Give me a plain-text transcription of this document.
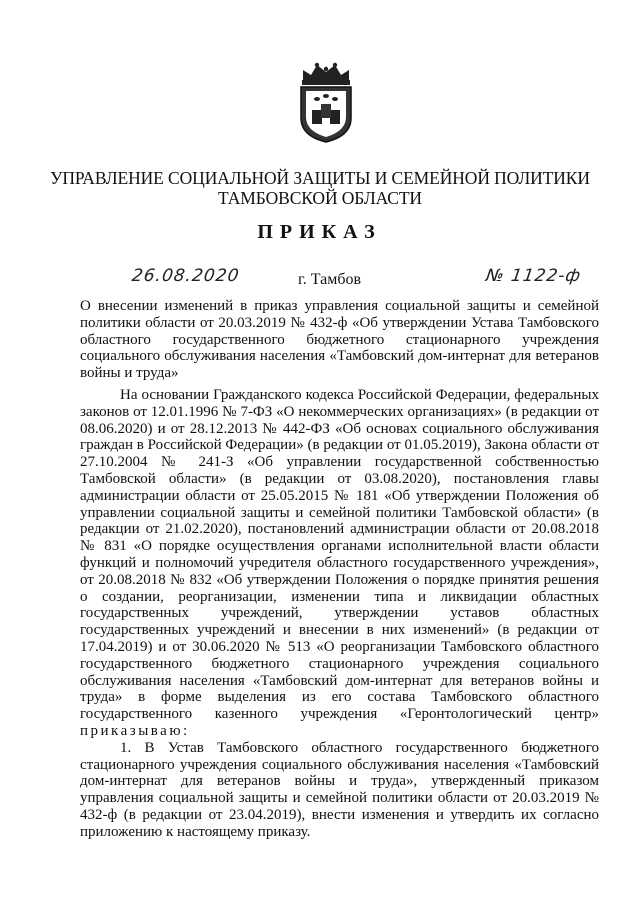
УПРАВЛЕНИЕ СОЦИАЛЬНОЙ ЗАЩИТЫ И СЕМЕЙНОЙ ПОЛИТИКИ
ТАМБОВСКОЙ ОБЛАСТИ
ПРИКАЗ
26.08.2020	г. Тамбов	№ 1122-ф
О внесении изменений в приказ управления социальной защиты и семейной политики области от 20.03.2019 № 432-ф «Об утверждении Устава Тамбовского областного государственного бюджетного стационарного учреждения социального обслуживания населения «Тамбовский дом-интернат для ветеранов войны и труда»

На основании Гражданского кодекса Российской Федерации, федеральных законов от 12.01.1996 № 7-ФЗ «О некоммерческих организациях» (в редакции от 08.06.2020) и от 28.12.2013 № 442-ФЗ «Об основах социального обслуживания граждан в Российской Федерации» (в редакции от 01.05.2019), Закона области от 27.10.2004 № 241-З «Об управлении государственной собственностью Тамбовской области» (в редакции от 03.08.2020), постановления главы администрации области от 25.05.2015 № 181 «Об утверждении Положения об управлении социальной защиты и семейной политики Тамбовской области» (в редакции от 21.02.2020), постановлений администрации области от 20.08.2018 № 831 «О порядке осуществления органами исполнительной власти области функций и полномочий учредителя областного государственного учреждения», от 20.08.2018 № 832 «Об утверждении Положения о порядке принятия решения о создании, реорганизации, изменении типа и ликвидации областных государственных учреждений, утверждении уставов областных государственных учреждений и внесении в них изменений» (в редакции от 17.04.2019) и от 30.06.2020 № 513 «О реорганизации Тамбовского областного государственного бюджетного стационарного учреждения социального обслуживания населения «Тамбовский дом-интернат для ветеранов войны и труда» в форме выделения из его состава Тамбовского областного государственного казенного учреждения «Геронтологический центр» приказываю:

1. В Устав Тамбовского областного государственного бюджетного стационарного учреждения социального обслуживания населения «Тамбовский дом-интернат для ветеранов войны и труда», утвержденный приказом управления социальной защиты и семейной политики области от 20.03.2019 № 432-ф (в редакции от 23.04.2019), внести изменения и утвердить их согласно приложению к настоящему приказу.
